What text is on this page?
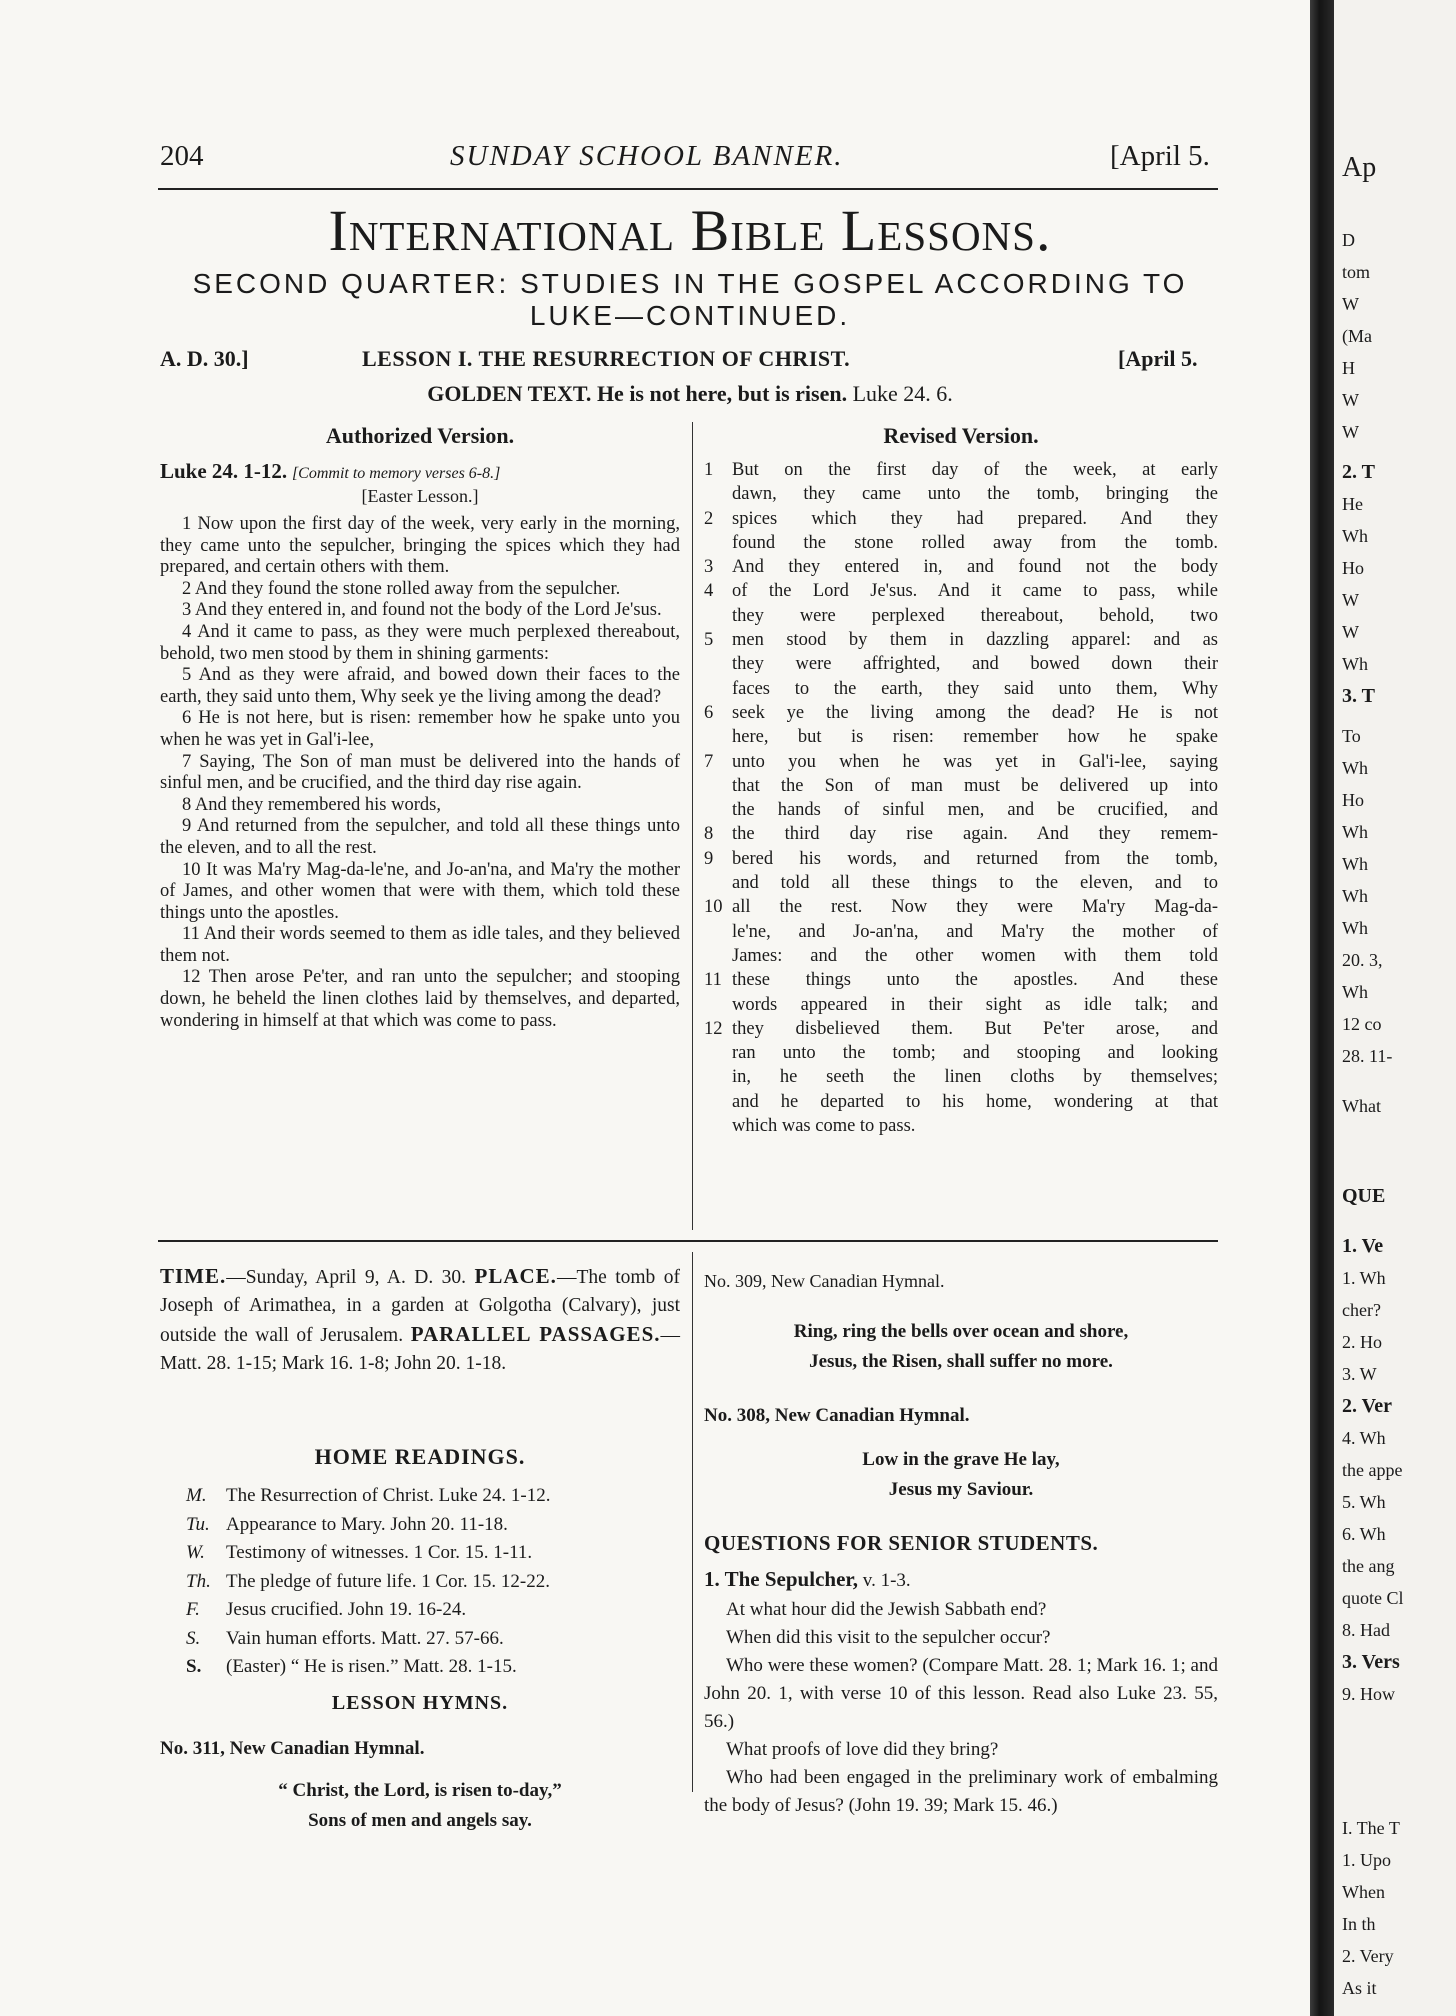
204	SUNDAY SCHOOL BANNER.	[April 5.
International Bible Lessons.
SECOND QUARTER: STUDIES IN THE GOSPEL ACCORDING TO
LUKE—CONTINUED.
A. D. 30.]	LESSON I. THE RESURRECTION OF CHRIST.	[April 5.
GOLDEN TEXT. He is not here, but is risen. Luke 24. 6.
Authorized Version.	Revised Version.
Luke 24. 1-12. [Commit to memory verses 6-8.]
[Easter Lesson.]

1 Now upon the first day of the week, very early in the morning, they came unto the sepulcher, bringing the spices which they had prepared, and certain others with them.

2 And they found the stone rolled away from the sepulcher.

3 And they entered in, and found not the body of the Lord Je'sus.

4 And it came to pass, as they were much perplexed thereabout, behold, two men stood by them in shining garments:

5 And as they were afraid, and bowed down their faces to the earth, they said unto them, Why seek ye the living among the dead?

6 He is not here, but is risen: remember how he spake unto you when he was yet in Gal'i-lee,

7 Saying, The Son of man must be delivered into the hands of sinful men, and be crucified, and the third day rise again.

8 And they remembered his words,

9 And returned from the sepulcher, and told all these things unto the eleven, and to all the rest.

10 It was Ma'ry Mag-da-le'ne, and Jo-an'na, and Ma'ry the mother of James, and other women that were with them, which told these things unto the apostles.

11 And their words seemed to them as idle tales, and they believed them not.

12 Then arose Pe'ter, and ran unto the sepulcher; and stooping down, he beheld the linen clothes laid by themselves, and departed, wondering in himself at that which was come to pass.

1	But on the first day of the week, at early
dawn, they came unto the tomb, bringing the
2	spices which they had prepared. And they
found the stone rolled away from the tomb.
3	And they entered in, and found not the body
4	of the Lord Je'sus. And it came to pass, while
they were perplexed thereabout, behold, two
5	men stood by them in dazzling apparel: and as
they were affrighted, and bowed down their
faces to the earth, they said unto them, Why
6	seek ye the living among the dead? He is not
here, but is risen: remember how he spake
7	unto you when he was yet in Gal'i-lee, saying
that the Son of man must be delivered up into
the hands of sinful men, and be crucified, and
8	the third day rise again. And they remem-
9	bered his words, and returned from the tomb,
and told all these things to the eleven, and to
10 all the rest. Now they were Ma'ry Mag-da-
le'ne, and Jo-an'na, and Ma'ry the mother of
James: and the other women with them told
11 these things unto the apostles. And these
words appeared in their sight as idle talk; and
12 they disbelieved them. But Pe'ter arose, and
ran unto the tomb; and stooping and looking
in, he seeth the linen cloths by themselves;
and he departed to his home, wondering at that
which was come to pass.
TIME.—Sunday, April 9, A. D. 30. PLACE.—The tomb of Joseph of Arimathea, in a garden at Golgotha (Calvary), just outside the wall of Jerusalem. PARALLEL PASSAGES.—Matt. 28. 1-15; Mark 16. 1-8; John 20. 1-18.
HOME READINGS.
M.	The Resurrection of Christ. Luke 24. 1-12.
Tu. Appearance to Mary. John 20. 11-18.
W.	Testimony of witnesses. 1 Cor. 15. 1-11.
Th. The pledge of future life. 1 Cor. 15. 12-22.
F.	Jesus crucified. John 19. 16-24.
S.	Vain human efforts. Matt. 27. 57-66.
S.	(Easter) “ He is risen.” Matt. 28. 1-15.
LESSON HYMNS.
No. 311, New Canadian Hymnal.
“ Christ, the Lord, is risen to-day,”
Sons of men and angels say.
No. 309, New Canadian Hymnal.
Ring, ring the bells over ocean and shore,
Jesus, the Risen, shall suffer no more.
No. 308, New Canadian Hymnal.
Low in the grave He lay,
Jesus my Saviour.
QUESTIONS FOR SENIOR STUDENTS.
1. The Sepulcher, v. 1-3.
At what hour did the Jewish Sabbath end?
When did this visit to the sepulcher occur?
Who were these women? (Compare Matt. 28. 1; Mark 16. 1; and John 20. 1, with verse 10 of this lesson. Read also Luke 23. 55, 56.)
What proofs of love did they bring?
Who had been engaged in the preliminary work of embalming the body of Jesus? (John 19. 39; Mark 15. 46.)
Ap
D
tom
W
(Ma
H
W
W
2. T
He
Wh
Ho
W
W
Wh
3. T
To
Wh
Ho
Wh
Wh
Wh
Wh
20. 3,
Wh
12 co
28. 11-
What
QUE
1. Ve
1. Wh
cher?
2. Ho
3. W
2. Ver
4. Wh
the appe
5. Wh
6. Wh
the ang
quote Cl
8. Had
3. Vers
9. How
I. The T
1. Upo
When
In th
2. Very
As it
